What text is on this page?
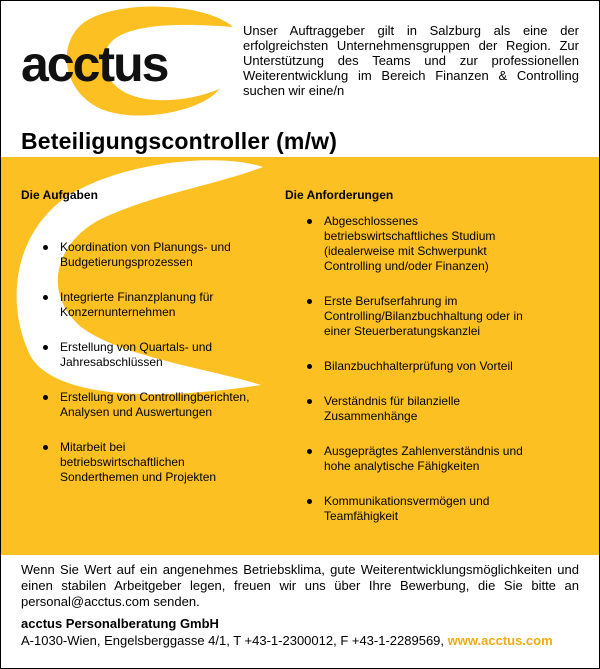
acctus
Unser Auftraggeber gilt in Salzburg als eine der erfolgreichsten Unternehmensgruppen der Region. Zur Unterstützung des Teams und zur professionellen Weiterentwicklung im Bereich Finanzen & Controlling suchen wir eine/n
Beteiligungscontroller (m/w)
Die Aufgaben
Koordination von Planungs- und Budgetierungsprozessen
Integrierte Finanzplanung für Konzernunternehmen
Erstellung von Quartals- und Jahresabschlüssen
Erstellung von Controllingberichten, Analysen und Auswertungen
Mitarbeit bei betriebswirtschaftlichen Sonderthemen und Projekten
Die Anforderungen
Abgeschlossenes betriebswirtschaftliches Studium (idealerweise mit Schwerpunkt Controlling und/oder Finanzen)
Erste Berufserfahrung im Controlling/Bilanzbuchhaltung oder in einer Steuerberatungskanzlei
Bilanzbuchhalterprüfung von Vorteil
Verständnis für bilanzielle Zusammenhänge
Ausgeprägtes Zahlenverständnis und hohe analytische Fähigkeiten
Kommunikationsvermögen und Teamfähigkeit
Wenn Sie Wert auf ein angenehmes Betriebsklima, gute Weiterentwicklungsmöglichkeiten und einen stabilen Arbeitgeber legen, freuen wir uns über Ihre Bewerbung, die Sie bitte an personal@acctus.com senden.
acctus Personalberatung GmbH
A-1030-Wien, Engelsberggasse 4/1, T +43-1-2300012, F +43-1-2289569, www.acctus.com
